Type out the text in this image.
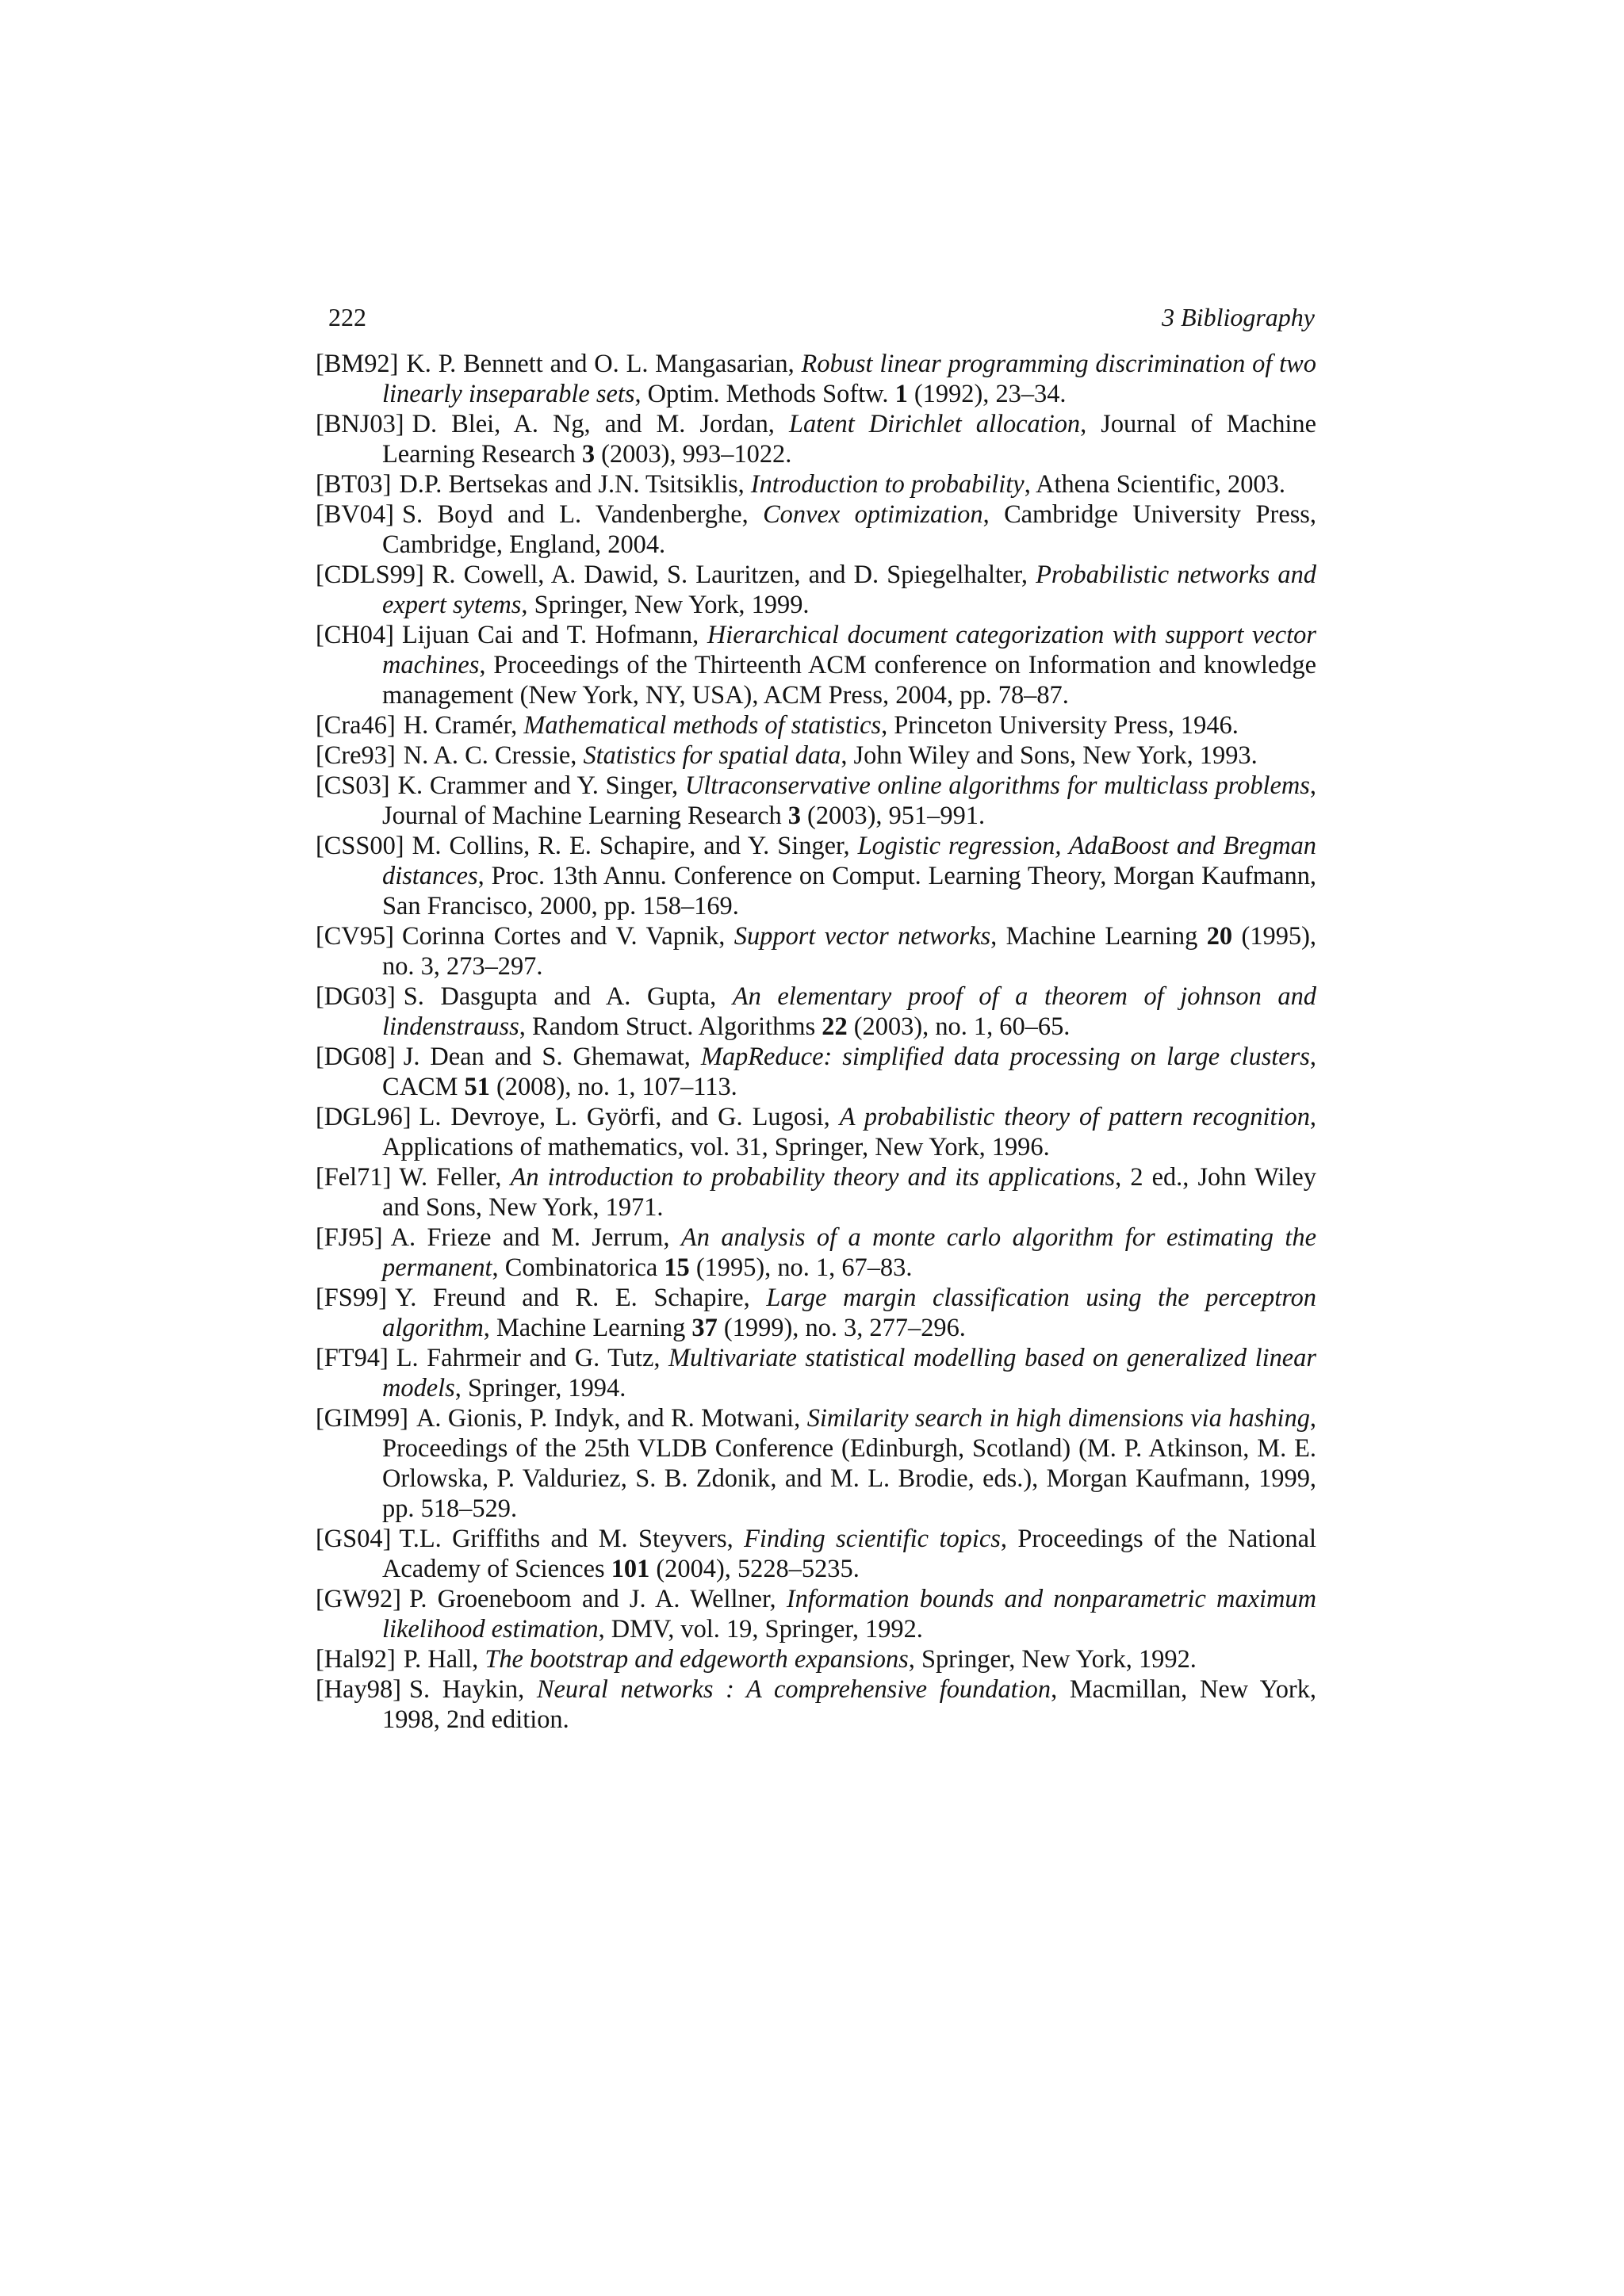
222	3 Bibliography
[BM92] K. P. Bennett and O. L. Mangasarian, Robust linear programming discrimination of two linearly inseparable sets, Optim. Methods Softw. 1 (1992), 23–34.
[BNJ03] D. Blei, A. Ng, and M. Jordan, Latent Dirichlet allocation, Journal of Machine Learning Research 3 (2003), 993–1022.
[BT03] D.P. Bertsekas and J.N. Tsitsiklis, Introduction to probability, Athena Scientific, 2003.
[BV04] S. Boyd and L. Vandenberghe, Convex optimization, Cambridge University Press, Cambridge, England, 2004.
[CDLS99] R. Cowell, A. Dawid, S. Lauritzen, and D. Spiegelhalter, Probabilistic networks and expert sytems, Springer, New York, 1999.
[CH04] Lijuan Cai and T. Hofmann, Hierarchical document categorization with support vector machines, Proceedings of the Thirteenth ACM conference on Information and knowledge management (New York, NY, USA), ACM Press, 2004, pp. 78–87.
[Cra46] H. Cramér, Mathematical methods of statistics, Princeton University Press, 1946.
[Cre93] N. A. C. Cressie, Statistics for spatial data, John Wiley and Sons, New York, 1993.
[CS03] K. Crammer and Y. Singer, Ultraconservative online algorithms for multiclass problems, Journal of Machine Learning Research 3 (2003), 951–991.
[CSS00] M. Collins, R. E. Schapire, and Y. Singer, Logistic regression, AdaBoost and Bregman distances, Proc. 13th Annu. Conference on Comput. Learning Theory, Morgan Kaufmann, San Francisco, 2000, pp. 158–169.
[CV95] Corinna Cortes and V. Vapnik, Support vector networks, Machine Learning 20 (1995), no. 3, 273–297.
[DG03] S. Dasgupta and A. Gupta, An elementary proof of a theorem of johnson and lindenstrauss, Random Struct. Algorithms 22 (2003), no. 1, 60–65.
[DG08] J. Dean and S. Ghemawat, MapReduce: simplified data processing on large clusters, CACM 51 (2008), no. 1, 107–113.
[DGL96] L. Devroye, L. Györfi, and G. Lugosi, A probabilistic theory of pattern recognition, Applications of mathematics, vol. 31, Springer, New York, 1996.
[Fel71] W. Feller, An introduction to probability theory and its applications, 2 ed., John Wiley and Sons, New York, 1971.
[FJ95] A. Frieze and M. Jerrum, An analysis of a monte carlo algorithm for estimating the permanent, Combinatorica 15 (1995), no. 1, 67–83.
[FS99] Y. Freund and R. E. Schapire, Large margin classification using the perceptron algorithm, Machine Learning 37 (1999), no. 3, 277–296.
[FT94] L. Fahrmeir and G. Tutz, Multivariate statistical modelling based on generalized linear models, Springer, 1994.
[GIM99] A. Gionis, P. Indyk, and R. Motwani, Similarity search in high dimensions via hashing, Proceedings of the 25th VLDB Conference (Edinburgh, Scotland) (M. P. Atkinson, M. E. Orlowska, P. Valduriez, S. B. Zdonik, and M. L. Brodie, eds.), Morgan Kaufmann, 1999, pp. 518–529.
[GS04] T.L. Griffiths and M. Steyvers, Finding scientific topics, Proceedings of the National Academy of Sciences 101 (2004), 5228–5235.
[GW92] P. Groeneboom and J. A. Wellner, Information bounds and nonparametric maximum likelihood estimation, DMV, vol. 19, Springer, 1992.
[Hal92] P. Hall, The bootstrap and edgeworth expansions, Springer, New York, 1992.
[Hay98] S. Haykin, Neural networks : A comprehensive foundation, Macmillan, New York, 1998, 2nd edition.
